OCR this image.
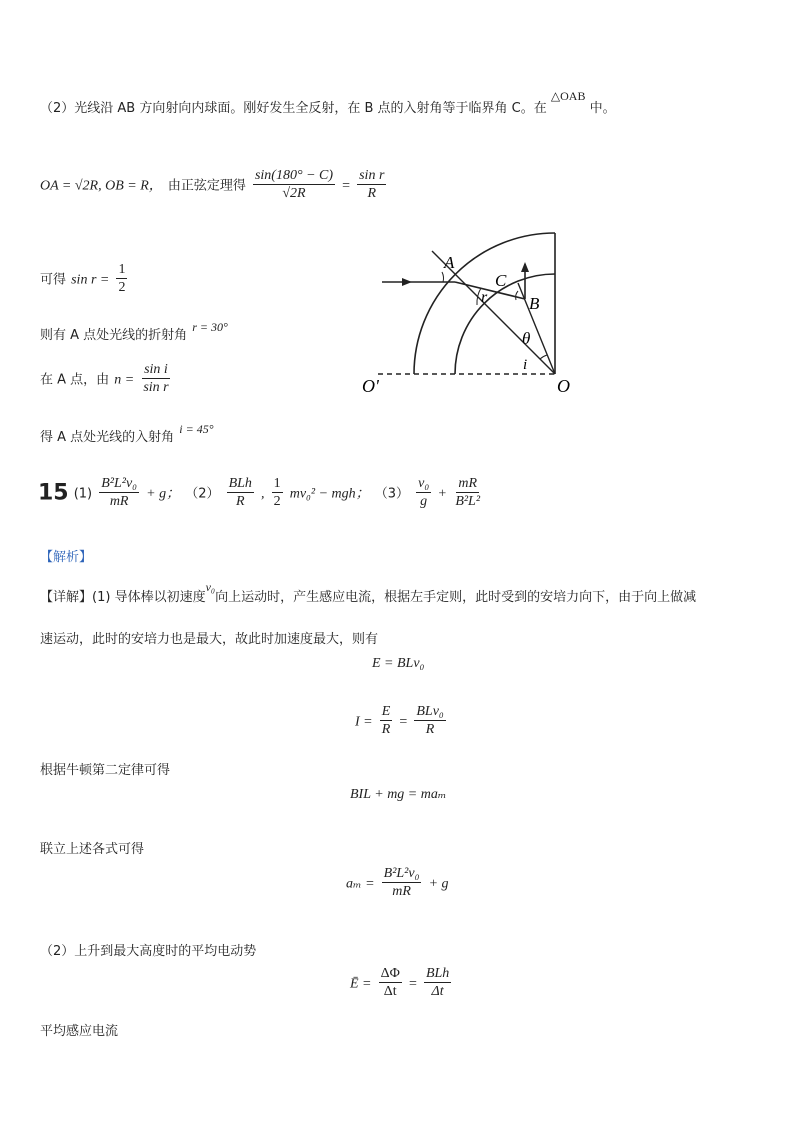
（2）光线沿 AB 方向射向内球面。刚好发生全反射，在 B 点的入射角等于临界角 C。在 △OAB 中。
OA = √2R, OB = R， 由正弦定理得 $\frac{\sin(180^\circ - C)}{√2R} = \frac{\text{sin r}}{R}$
可得 $\sin r = \frac{1}{2}$
$_{则有 A 点处光线的折射角}$ r = 30°
在 A 点，由 $n = \frac{\text{sin i}}{\text{sin r}}$
$_{得 A 点处光线的入射角}$ i = 45°
A
C
B
r
θ
i
O
O'
15 $(1) \frac{\text{B²L²v₀}}{mR} + g$； $(2) \frac{\text{BLh}}{R}$ , $\frac{1}{2} mv_0^2$ − mgh； $(3) \frac{\text{v₀}}{g} + \frac{mR}{\text{B²L²}}$
【解析】
【详解】(1) 导体棒以初速度v₀向上运动时，产生感应电流，根据左手定则，此时受到的安培力向下，由于向上做减
速运动，此时的安培力也是最大，故此时加速度最大，则有
E = BLv₀
$I = \frac{E}{R} = \frac{\text{BLv₀}}{R}$
根据牛顿第二定律可得
BIL + mg = maₘ
联立上述各式可得
$a_m = \frac{\text{B²L²v₀}}{mR} + g$
（2）上升到最大高度时的平均电动势
Ē = $\frac{\Delta\Phi}{\Delta t} = \frac{\text{BLh}}{\Delta t}$
平均感应电流
